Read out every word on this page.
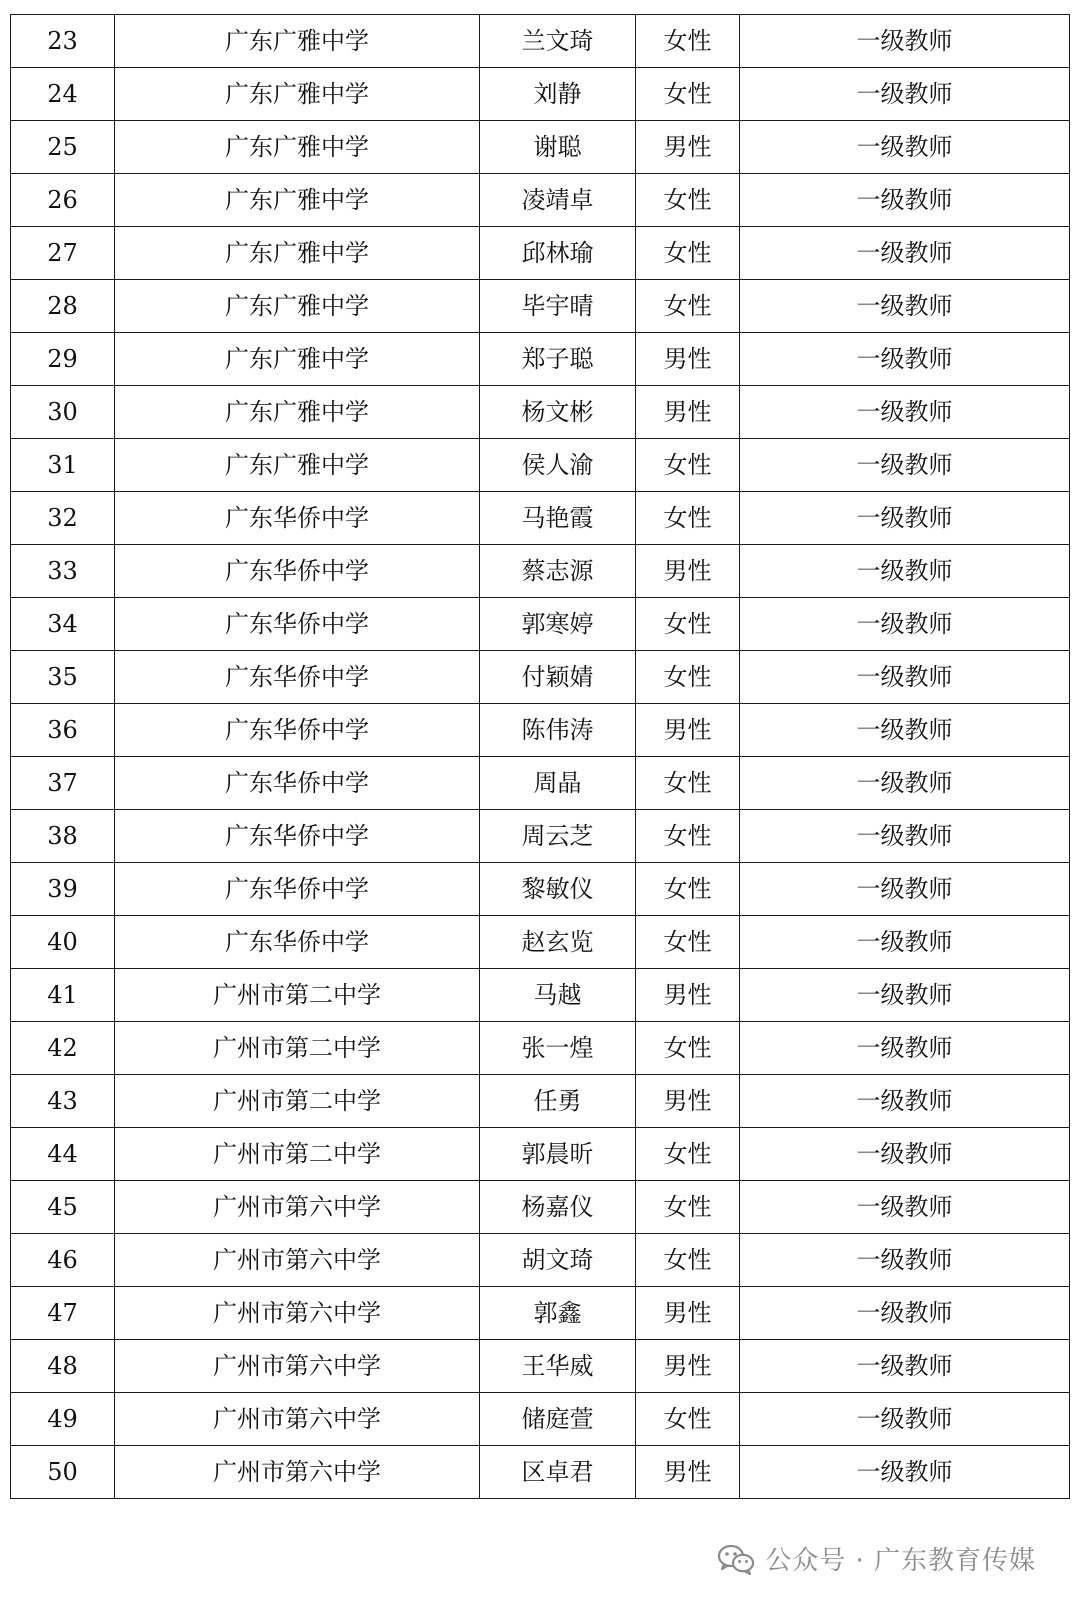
23	广东广雅中学	兰文琦	女性	一级教师
24	广东广雅中学	刘静	女性	一级教师
25	广东广雅中学	谢聪	男性	一级教师
26	广东广雅中学	凌靖卓	女性	一级教师
27	广东广雅中学	邱林瑜	女性	一级教师
28	广东广雅中学	毕宇晴	女性	一级教师
29	广东广雅中学	郑子聪	男性	一级教师
30	广东广雅中学	杨文彬	男性	一级教师
31	广东广雅中学	侯人渝	女性	一级教师
32	广东华侨中学	马艳霞	女性	一级教师
33	广东华侨中学	蔡志源	男性	一级教师
34	广东华侨中学	郭寒婷	女性	一级教师
35	广东华侨中学	付颖婧	女性	一级教师
36	广东华侨中学	陈伟涛	男性	一级教师
37	广东华侨中学	周晶	女性	一级教师
38	广东华侨中学	周云芝	女性	一级教师
39	广东华侨中学	黎敏仪	女性	一级教师
40	广东华侨中学	赵玄览	女性	一级教师
41	广州市第二中学	马越	男性	一级教师
42	广州市第二中学	张一煌	女性	一级教师
43	广州市第二中学	任勇	男性	一级教师
44	广州市第二中学	郭晨昕	女性	一级教师
45	广州市第六中学	杨嘉仪	女性	一级教师
46	广州市第六中学	胡文琦	女性	一级教师
47	广州市第六中学	郭鑫	男性	一级教师
48	广州市第六中学	王华威	男性	一级教师
49	广州市第六中学	储庭萱	女性	一级教师
50	广州市第六中学	区卓君	男性	一级教师
公众号 · 广东教育传媒
